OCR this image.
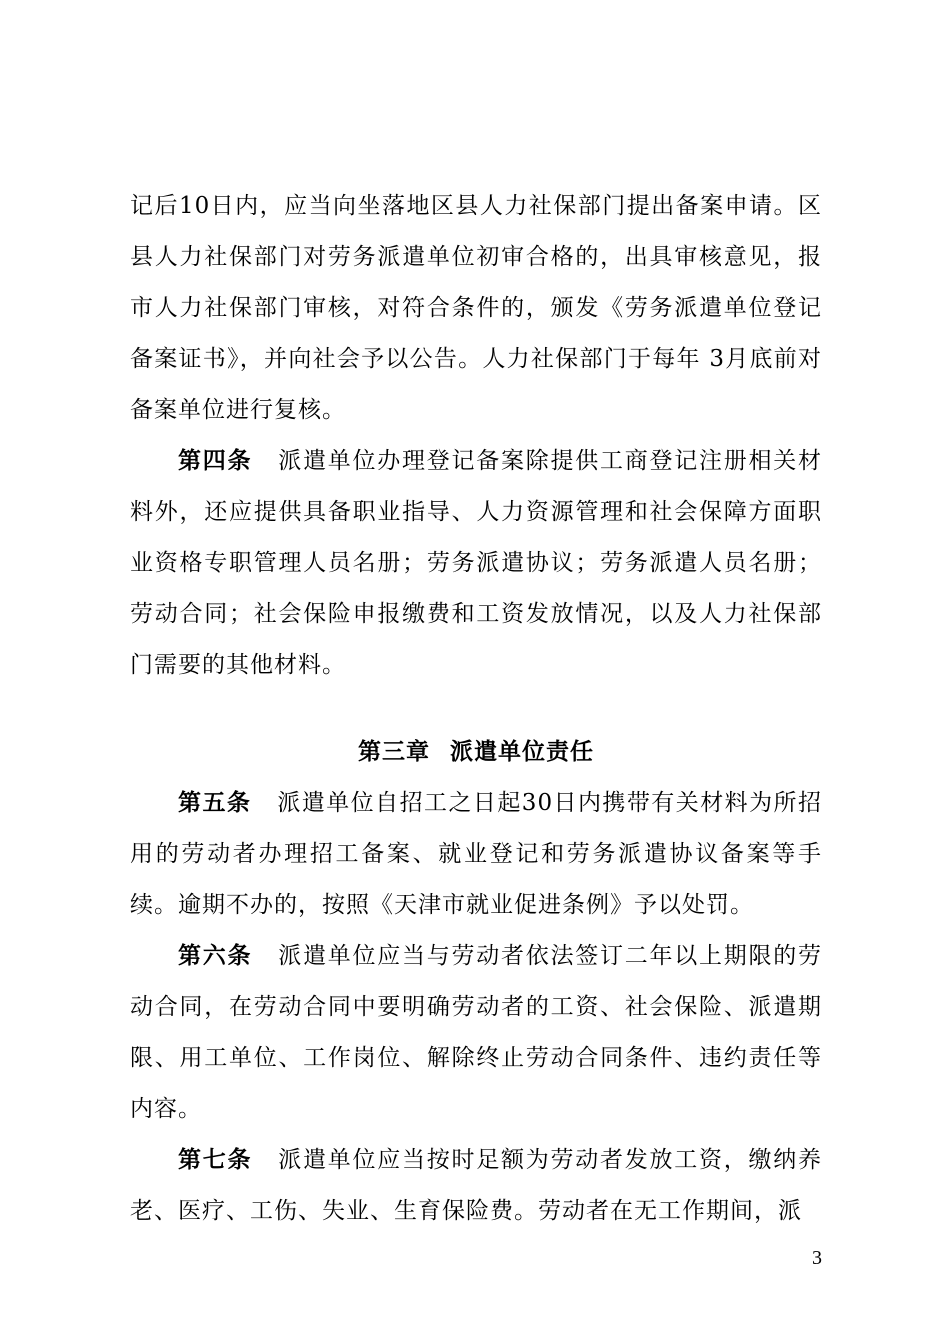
记后10日内，应当向坐落地区县人力社保部门提出备案申请。区县人力社保部门对劳务派遣单位初审合格的，出具审核意见，报市人力社保部门审核，对符合条件的，颁发《劳务派遣单位登记备案证书》，并向社会予以公告。人力社保部门于每年 3月底前对备案单位进行复核。

第四条 派遣单位办理登记备案除提供工商登记注册相关材料外，还应提供具备职业指导、人力资源管理和社会保障方面职业资格专职管理人员名册；劳务派遣协议；劳务派遣人员名册；劳动合同；社会保险申报缴费和工资发放情况，以及人力社保部门需要的其他材料。

第三章 派遣单位责任

第五条 派遣单位自招工之日起30日内携带有关材料为所招用的劳动者办理招工备案、就业登记和劳务派遣协议备案等手续。逾期不办的，按照《天津市就业促进条例》予以处罚。

第六条 派遣单位应当与劳动者依法签订二年以上期限的劳动合同，在劳动合同中要明确劳动者的工资、社会保险、派遣期限、用工单位、工作岗位、解除终止劳动合同条件、违约责任等内容。

第七条 派遣单位应当按时足额为劳动者发放工资，缴纳养老、医疗、工伤、失业、生育保险费。劳动者在无工作期间，派

3
